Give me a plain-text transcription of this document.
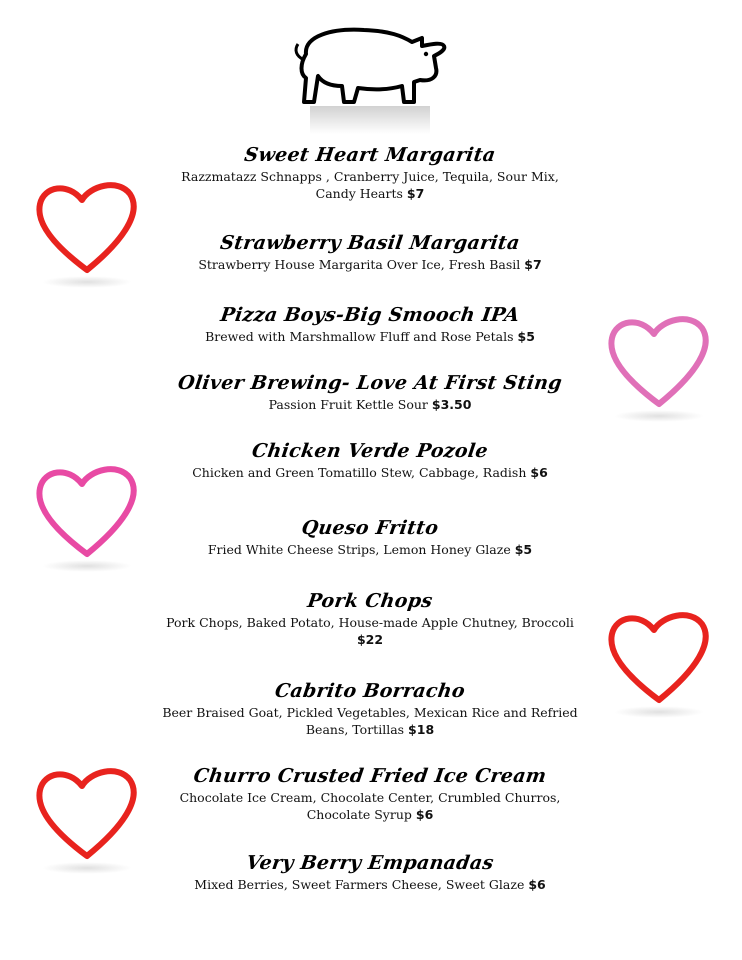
Sweet Heart Margarita
Razzmatazz Schnapps , Cranberry Juice, Tequila, Sour Mix,
Candy Hearts $7
Strawberry Basil Margarita
Strawberry House Margarita Over Ice, Fresh Basil $7
Pizza Boys-Big Smooch IPA
Brewed with Marshmallow Fluff and Rose Petals $5
Oliver Brewing- Love At First Sting
Passion Fruit Kettle Sour $3.50
Chicken Verde Pozole
Chicken and Green Tomatillo Stew, Cabbage, Radish $6
Queso Fritto
Fried White Cheese Strips, Lemon Honey Glaze $5
Pork Chops
Pork Chops, Baked Potato, House-made Apple Chutney, Broccoli
$22
Cabrito Borracho
Beer Braised Goat, Pickled Vegetables, Mexican Rice and Refried
Beans, Tortillas $18
Churro Crusted Fried Ice Cream
Chocolate Ice Cream, Chocolate Center, Crumbled Churros,
Chocolate Syrup $6
Very Berry Empanadas
Mixed Berries, Sweet Farmers Cheese, Sweet Glaze $6
